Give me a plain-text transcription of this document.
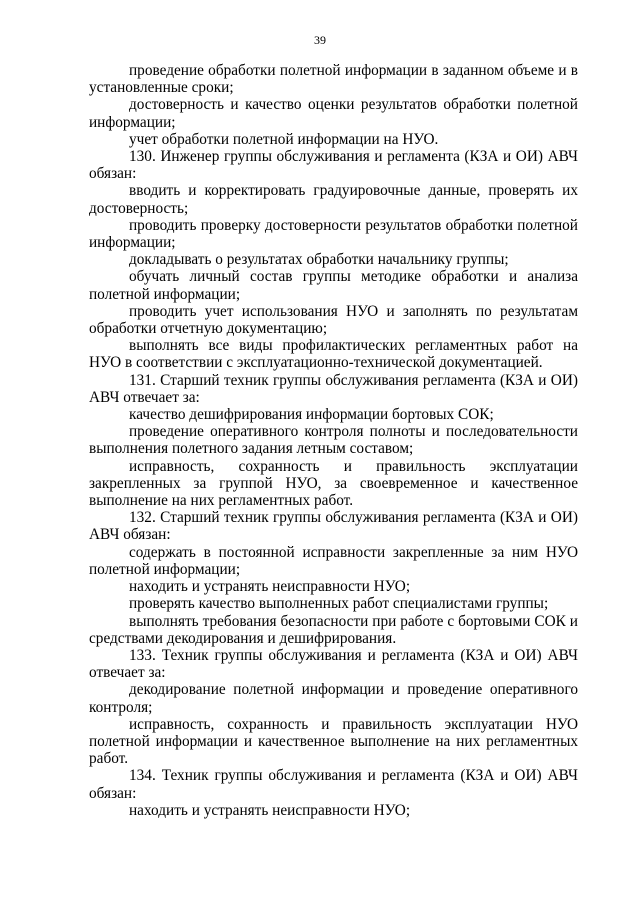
39

проведение обработки полетной информации в заданном объеме и в установленные сроки;

достоверность и качество оценки результатов обработки полетной информации;

учет обработки полетной информации на НУО.

130. Инженер группы обслуживания и регламента (КЗА и ОИ) АВЧ обязан:

вводить и корректировать градуировочные данные, проверять их достоверность;

проводить проверку достоверности результатов обработки полетной информации;

докладывать о результатах обработки начальнику группы;

обучать личный состав группы методике обработки и анализа полетной информации;

проводить учет использования НУО и заполнять по результатам обработки отчетную документацию;

выполнять все виды профилактических регламентных работ на НУО в соответствии с эксплуатационно-технической документацией.

131. Старший техник группы обслуживания регламента (КЗА и ОИ) АВЧ отвечает за:

качество дешифрирования информации бортовых СОК;

проведение оперативного контроля полноты и последовательности выполнения полетного задания летным составом;

исправность, сохранность и правильность эксплуатации закрепленных за группой НУО, за своевременное и качественное выполнение на них регламентных работ.

132. Старший техник группы обслуживания регламента (КЗА и ОИ) АВЧ обязан:

содержать в постоянной исправности закрепленные за ним НУО полетной информации;

находить и устранять неисправности НУО;

проверять качество выполненных работ специалистами группы;

выполнять требования безопасности при работе с бортовыми СОК и средствами декодирования и дешифрирования.

133. Техник группы обслуживания и регламента (КЗА и ОИ) АВЧ отвечает за:

декодирование полетной информации и проведение оперативного контроля;

исправность, сохранность и правильность эксплуатации НУО полетной информации и качественное выполнение на них регламентных работ.

134. Техник группы обслуживания и регламента (КЗА и ОИ) АВЧ обязан:

находить и устранять неисправности НУО;
